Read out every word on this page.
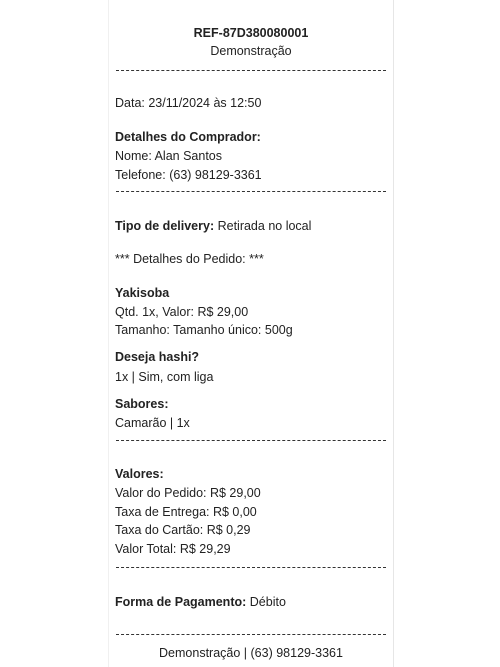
REF-87D380080001
Demonstração
Data: 23/11/2024 às 12:50
Detalhes do Comprador:
Nome: Alan Santos
Telefone: (63) 98129-3361
Tipo de delivery: Retirada no local
*** Detalhes do Pedido: ***
Yakisoba
Qtd. 1x, Valor: R$ 29,00
Tamanho: Tamanho único: 500g
Deseja hashi?
1x | Sim, com liga
Sabores:
Camarão | 1x
Valores:
Valor do Pedido: R$ 29,00
Taxa de Entrega: R$ 0,00
Taxa do Cartão: R$ 0,29
Valor Total: R$ 29,29
Forma de Pagamento: Débito
Demonstração | (63) 98129-3361
